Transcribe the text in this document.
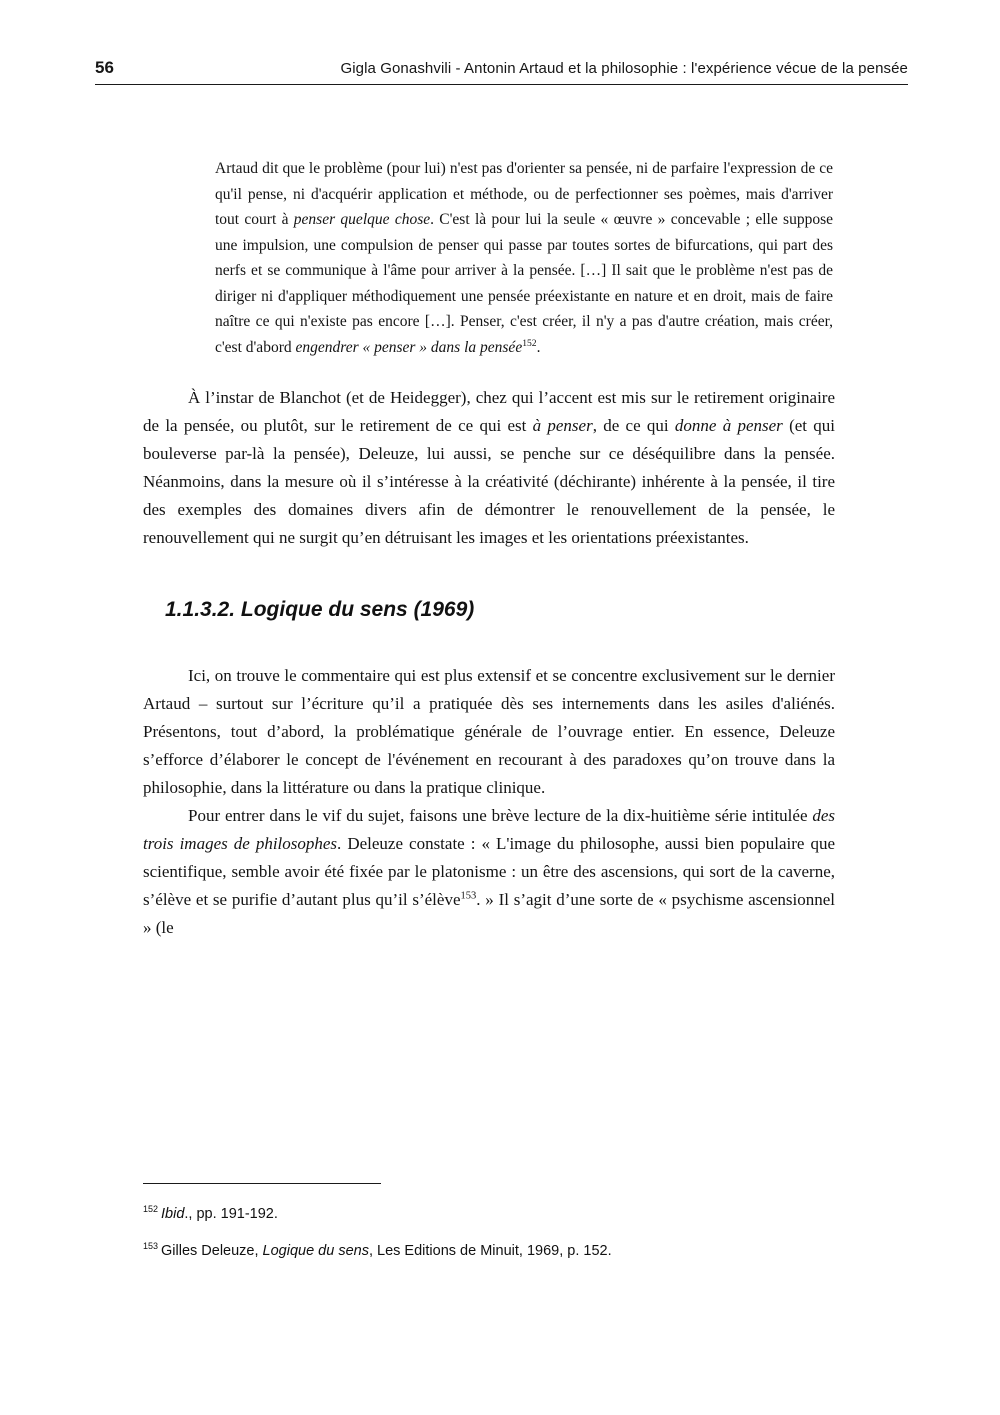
56	Gigla Gonashvili - Antonin Artaud et la philosophie : l'expérience vécue de la pensée
Artaud dit que le problème (pour lui) n'est pas d'orienter sa pensée, ni de parfaire l'expression de ce qu'il pense, ni d'acquérir application et méthode, ou de perfectionner ses poèmes, mais d'arriver tout court à penser quelque chose. C'est là pour lui la seule « œuvre » concevable ; elle suppose une impulsion, une compulsion de penser qui passe par toutes sortes de bifurcations, qui part des nerfs et se communique à l'âme pour arriver à la pensée. […] Il sait que le problème n'est pas de diriger ni d'appliquer méthodiquement une pensée préexistante en nature et en droit, mais de faire naître ce qui n'existe pas encore […]. Penser, c'est créer, il n'y a pas d'autre création, mais créer, c'est d'abord engendrer « penser » dans la pensée$^{152}$.

À l’instar de Blanchot (et de Heidegger), chez qui l’accent est mis sur le retirement originaire de la pensée, ou plutôt, sur le retirement de ce qui est à penser, de ce qui donne à penser (et qui bouleverse par-là la pensée), Deleuze, lui aussi, se penche sur ce déséquilibre dans la pensée. Néanmoins, dans la mesure où il s’intéresse à la créativité (déchirante) inhérente à la pensée, il tire des exemples des domaines divers afin de démontrer le renouvellement de la pensée, le renouvellement qui ne surgit qu’en détruisant les images et les orientations préexistantes.

1.1.3.2. Logique du sens (1969)

Ici, on trouve le commentaire qui est plus extensif et se concentre exclusivement sur le dernier Artaud – surtout sur l’écriture qu’il a pratiquée dès ses internements dans les asiles d'aliénés. Présentons, tout d’abord, la problématique générale de l’ouvrage entier. En essence, Deleuze s’efforce d’élaborer le concept de l'événement en recourant à des paradoxes qu’on trouve dans la philosophie, dans la littérature ou dans la pratique clinique.

Pour entrer dans le vif du sujet, faisons une brève lecture de la dix-huitième série intitulée des trois images de philosophes. Deleuze constate : « L'image du philosophe, aussi bien populaire que scientifique, semble avoir été fixée par le platonisme : un être des ascensions, qui sort de la caverne, s’élève et se purifie d’autant plus qu’il s’élève$^{153}$. » Il s’agit d’une sorte de « psychisme ascensionnel » (le

$^{152}$ Ibid., pp. 191-192.
$^{153}$ Gilles Deleuze, Logique du sens, Les Editions de Minuit, 1969, p. 152.
